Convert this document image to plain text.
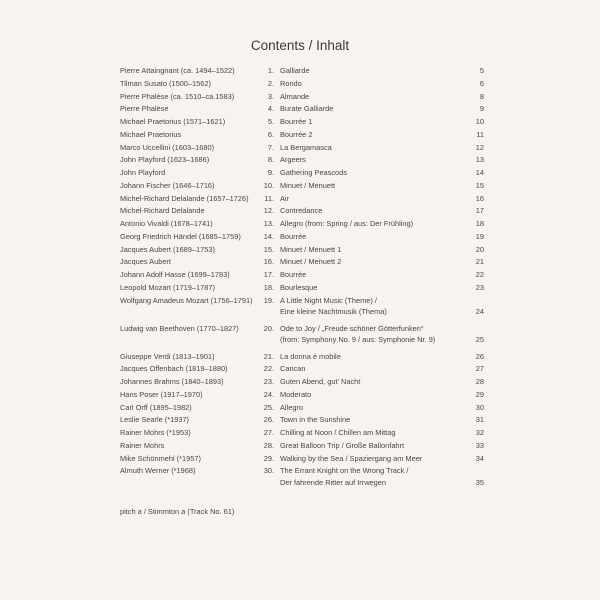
Contents / Inhalt
Pierre Attaingnant (ca. 1494–1522)	1. Galliarde	5
Tilman Susato (1500–1562)	2. Rondo	6
Pierre Phalèse (ca. 1510–ca.1583)	3. Almande	8
Pierre Phalèse	4. Burate Galliarde	9
Michael Praetorius (1571–1621)	5. Bourrée 1	10
Michael Praetorius	6. Bourrée 2	11
Marco Uccellini (1603–1680)	7. La Bergamasca	12
John Playford (1623–1686)	8. Argeers	13
John Playford	9. Gathering Peascods	14
Johann Fischer (1646–1716)	10. Minuet / Menuett	15
Michel-Richard Delalande (1657–1726)	11. Air	16
Michel-Richard Delalande	12. Contredance	17
Antonio Vivaldi (1678–1741)	13. Allegro (from: Spring / aus: Der Frühling)	18
Georg Friedrich Händel (1685–1759)	14. Bourrée	19
Jacques Aubert (1689–1753)	15. Minuet / Menuett 1	20
Jacques Aubert	16. Minuet / Menuett 2	21
Johann Adolf Hasse (1699–1783)	17. Bourrée	22
Leopold Mozart (1719–1787)	18. Bourlesque	23
Wolfgang Amadeus Mozart (1756–1791)	19. A Little Night Music (Theme) /
Eine kleine Nachtmusik (Thema)	24
Ludwig van Beethoven (1770–1827)	20. Ode to Joy / „Freude schöner Götterfunken“
(from: Symphony No. 9 / aus: Symphonie Nr. 9)	25
Giuseppe Verdi (1813–1901)	21. La donna è mobile	26
Jacques Offenbach (1819–1880)	22. Cancan	27
Johannes Brahms (1840–1893)	23. Guten Abend, gut' Nacht	28
Hans Poser (1917–1970)	24. Moderato	29
Carl Orff (1895–1982)	25. Allegro	30
Leslie Searle (*1937)	26. Town in the Sunshine	31
Rainer Mohrs (*1953)	27. Chilling at Noon / Chillen am Mittag	32
Rainer Mohrs	28. Great Balloon Trip / Große Ballonfahrt	33
Mike Schönmehl (*1957)	29. Walking by the Sea / Spaziergang am Meer	34
Almuth Werner (*1968)	30. The Errant Knight on the Wrong Track /
Der fahrende Ritter auf Irrwegen	35
pitch a / Stimmton a (Track No. 61)
